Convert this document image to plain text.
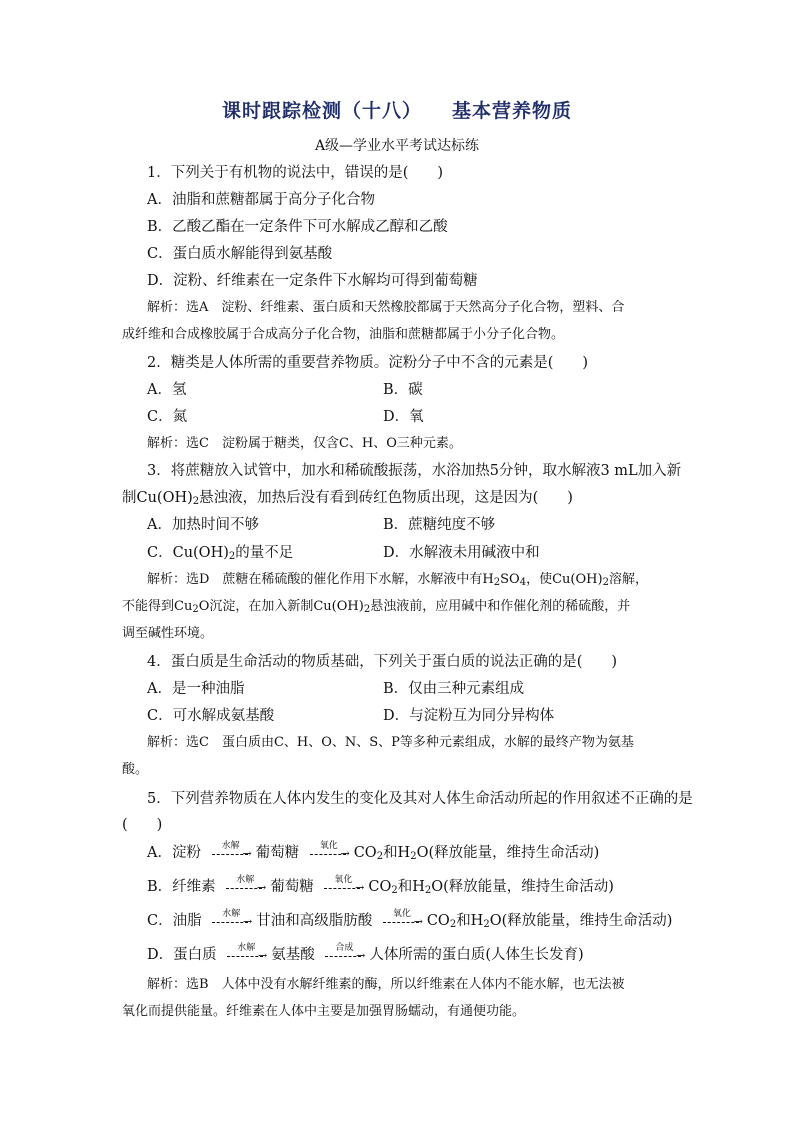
课时跟踪检测（十八） 基本营养物质
A级—学业水平考试达标练
1．下列关于有机物的说法中，错误的是(　　)
A．油脂和蔗糖都属于高分子化合物
B．乙酸乙酯在一定条件下可水解成乙醇和乙酸
C．蛋白质水解能得到氨基酸
D．淀粉、纤维素在一定条件下水解均可得到葡萄糖

解析：选A　淀粉、纤维素、蛋白质和天然橡胶都属于天然高分子化合物，塑料、合

成纤维和合成橡胶属于合成高分子化合物，油脂和蔗糖都属于小分子化合物。

2．糖类是人体所需的重要营养物质。淀粉分子中不含的元素是(　　)
A．氢	B．碳
C．氮	D．氧

解析：选C　淀粉属于糖类，仅含C、H、O三种元素。

3．将蔗糖放入试管中，加水和稀硫酸振荡，水浴加热5分钟，取水解液3 mL加入新
制$Cu(OH)_2$悬浊液，加热后没有看到砖红色物质出现，这是因为(　　)
A．加热时间不够	B．蔗糖纯度不够
C．$Cu(OH)_2$的量不足	D．水解液未用碱液中和

解析：选D　蔗糖在稀硫酸的催化作用下水解，水解液中有$H_2SO_4$，使$Cu(OH)_2$溶解，

不能得到$Cu_2O$沉淀，在加入新制$Cu(OH)_2$悬浊液前，应用碱中和作催化剂的稀硫酸，并

调至碱性环境。

4．蛋白质是生命活动的物质基础，下列关于蛋白质的说法正确的是(　　)
A．是一种油脂	B．仅由三种元素组成
C．可水解成氨基酸	D．与淀粉互为同分异构体

解析：选C　蛋白质由C、H、O、N、S、P等多种元素组成，水解的最终产物为氨基

酸。

5．下列营养物质在人体内发生的变化及其对人体生命活动所起的作用叙述不正确的是
(　　)
A．淀粉	水解
→ 葡萄糖	氧化
→ $CO_2$和$H_2O$(释放能量，维持生命活动)
B．纤维素	水解
→ 葡萄糖	氧化
→ $CO_2$和$H_2O$(释放能量，维持生命活动)
C．油脂	水解
→ 甘油和高级脂肪酸	氧化
→ $CO_2$和$H_2O$(释放能量，维持生命活动)
D．蛋白质	水解
→ 氨基酸	合成
→ 人体所需的蛋白质(人体生长发育)

解析：选B　人体中没有水解纤维素的酶，所以纤维素在人体内不能水解，也无法被

氧化而提供能量。纤维素在人体中主要是加强胃肠蠕动，有通便功能。
